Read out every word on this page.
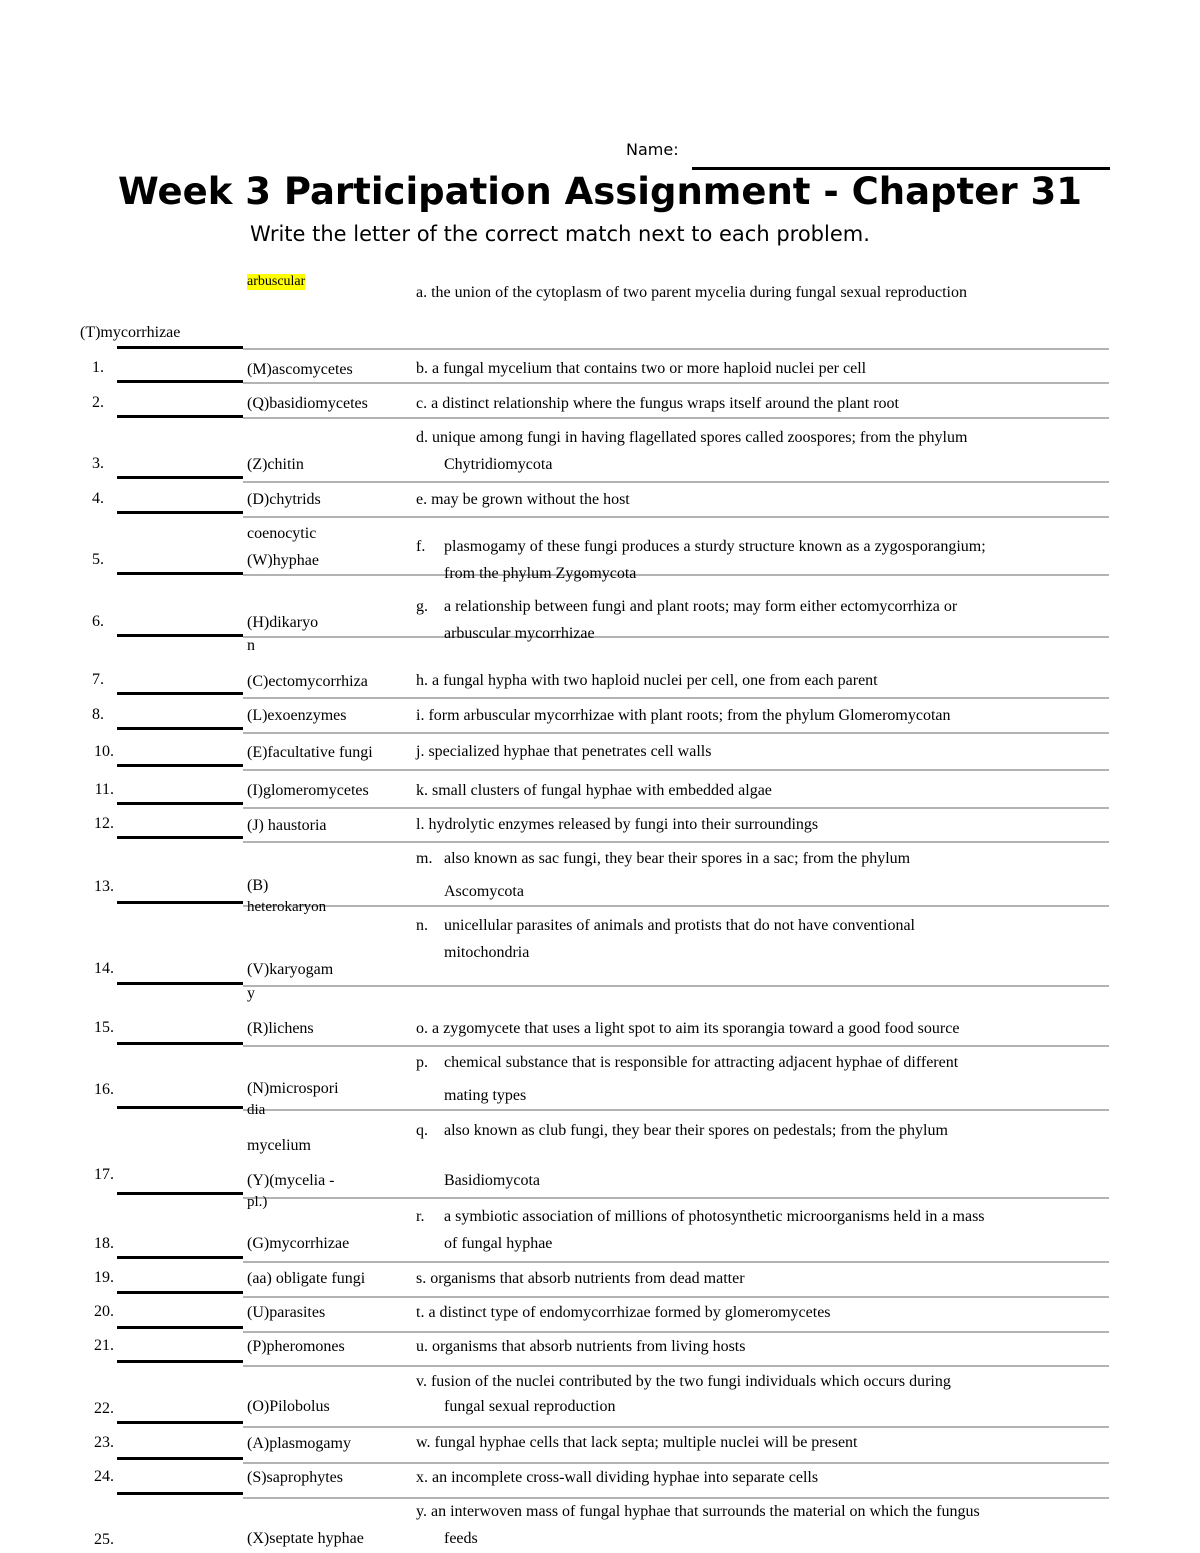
Name:
Week 3 Participation Assignment - Chapter 31
Write the letter of the correct match next to each problem.
arbuscular
(T)mycorrhizae
1.
2.
3.
4.
5.
6.
7.
8.
10.
11.
12.
13.
14.
15.
16.
17.
18.
19.
20.
21.
22.
23.
24.
25.
(M)ascomycetes
(Q)basidiomycetes
(Z)chitin
(D)chytrids
coenocytic
(W)hyphae
(H)dikaryo
n
(C)ectomycorrhiza
(L)exoenzymes
(E)facultative fungi
(I)glomeromycetes
(J) haustoria
(B)
heterokaryon
(V)karyogam
y
(R)lichens
(N)microspori
dia
mycelium
(Y)(mycelia -
pl.)
(G)mycorrhizae
(aa) obligate fungi
(U)parasites
(P)pheromones
(O)Pilobolus
(A)plasmogamy
(S)saprophytes
(X)septate hyphae
a. the union of the cytoplasm of two parent mycelia during fungal sexual reproduction
b. a fungal mycelium that contains two or more haploid nuclei per cell
c. a distinct relationship where the fungus wraps itself around the plant root
d. unique among fungi in having flagellated spores called zoospores; from the phylum
Chytridiomycota
e. may be grown without the host
f. plasmogamy of these fungi produces a sturdy structure known as a zygosporangium;
from the phylum Zygomycota
g. a relationship between fungi and plant roots; may form either ectomycorrhiza or
arbuscular mycorrhizae
h. a fungal hypha with two haploid nuclei per cell, one from each parent
i. form arbuscular mycorrhizae with plant roots; from the phylum Glomeromycotan
j. specialized hyphae that penetrates cell walls
k. small clusters of fungal hyphae with embedded algae
l. hydrolytic enzymes released by fungi into their surroundings
m. also known as sac fungi, they bear their spores in a sac; from the phylum
Ascomycota
n. unicellular parasites of animals and protists that do not have conventional
mitochondria
o. a zygomycete that uses a light spot to aim its sporangia toward a good food source
p. chemical substance that is responsible for attracting adjacent hyphae of different
mating types
q. also known as club fungi, they bear their spores on pedestals; from the phylum
Basidiomycota
r. a symbiotic association of millions of photosynthetic microorganisms held in a mass
of fungal hyphae
s. organisms that absorb nutrients from dead matter
t. a distinct type of endomycorrhizae formed by glomeromycetes
u. organisms that absorb nutrients from living hosts
v. fusion of the nuclei contributed by the two fungi individuals which occurs during
fungal sexual reproduction
w. fungal hyphae cells that lack septa; multiple nuclei will be present
x. an incomplete cross-wall dividing hyphae into separate cells
y. an interwoven mass of fungal hyphae that surrounds the material on which the fungus
feeds
